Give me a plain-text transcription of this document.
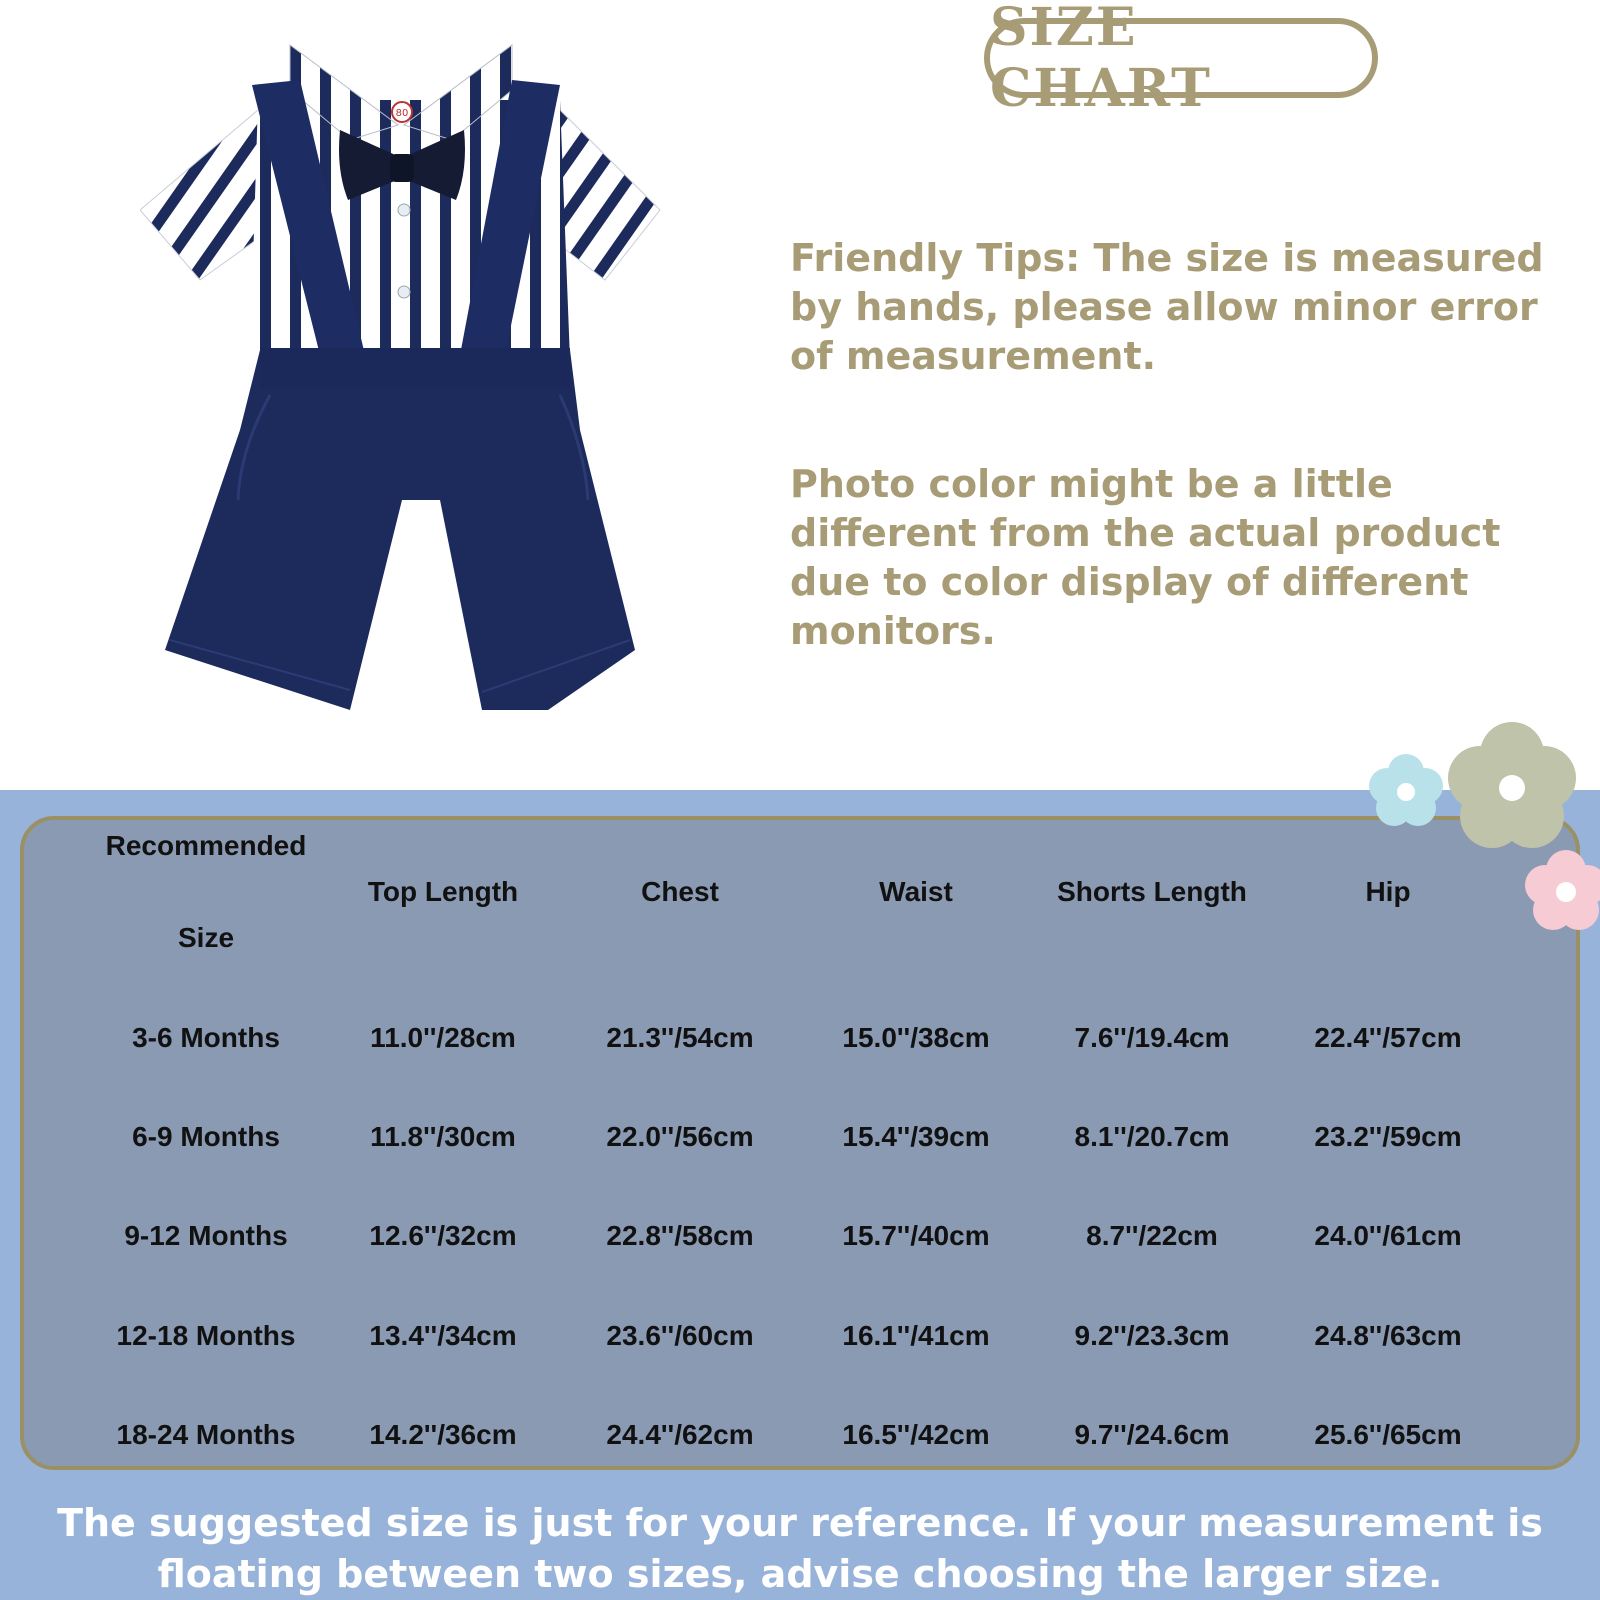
80
SIZE CHART
Friendly Tips: The size is measured by hands, please allow minor error of measurement.
Photo color might be a little different from the actual product due to color display of different monitors.
Recommended
Size
Top Length	Chest	Waist	Shorts Length	Hip
3-6 Months	11.0''/28cm	21.3''/54cm	15.0''/38cm	7.6''/19.4cm	22.4''/57cm
6-9 Months	11.8''/30cm	22.0''/56cm	15.4''/39cm	8.1''/20.7cm	23.2''/59cm
9-12 Months	12.6''/32cm	22.8''/58cm	15.7''/40cm	8.7''/22cm	24.0''/61cm
12-18 Months	13.4''/34cm	23.6''/60cm	16.1''/41cm	9.2''/23.3cm	24.8''/63cm
18-24 Months	14.2''/36cm	24.4''/62cm	16.5''/42cm	9.7''/24.6cm	25.6''/65cm
The suggested size is just for your reference. If your measurement is floating between two sizes, advise choosing the larger size.
